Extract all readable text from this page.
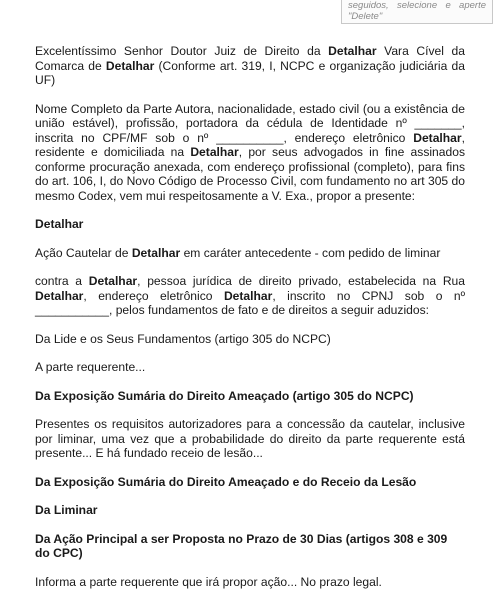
seguidos, selecione e aperte
"Delete"

Excelentíssimo Senhor Doutor Juiz de Direito da Detalhar Vara Cível da Comarca de Detalhar (Conforme art. 319, I, NCPC e organização judiciária da UF)

Nome Completo da Parte Autora, nacionalidade, estado civil (ou a existência de união estável), profissão, portadora da cédula de Identidade nº _______, inscrita no CPF/MF sob o nº __________, endereço eletrônico Detalhar, residente e domiciliada na Detalhar, por seus advogados in fine assinados conforme procuração anexada, com endereço profissional (completo), para fins do art. 106, I, do Novo Código de Processo Civil, com fundamento no art 305 do mesmo Codex, vem mui respeitosamente a V. Exa., propor a presente:

Detalhar

Ação Cautelar de Detalhar em caráter antecedente - com pedido de liminar

contra a Detalhar, pessoa jurídica de direito privado, estabelecida na Rua Detalhar, endereço eletrônico Detalhar, inscrito no CPNJ sob o nº ___________, pelos fundamentos de fato e de direitos a seguir aduzidos:

Da Lide e os Seus Fundamentos (artigo 305 do NCPC)

A parte requerente...

Da Exposição Sumária do Direito Ameaçado (artigo 305 do NCPC)

Presentes os requisitos autorizadores para a concessão da cautelar, inclusive por liminar, uma vez que a probabilidade do direito da parte requerente está presente... E há fundado receio de lesão...

Da Exposição Sumária do Direito Ameaçado e do Receio da Lesão

Da Liminar

Da Ação Principal a ser Proposta no Prazo de 30 Dias (artigos 308 e 309 do CPC)

Informa a parte requerente que irá propor ação... No prazo legal.
